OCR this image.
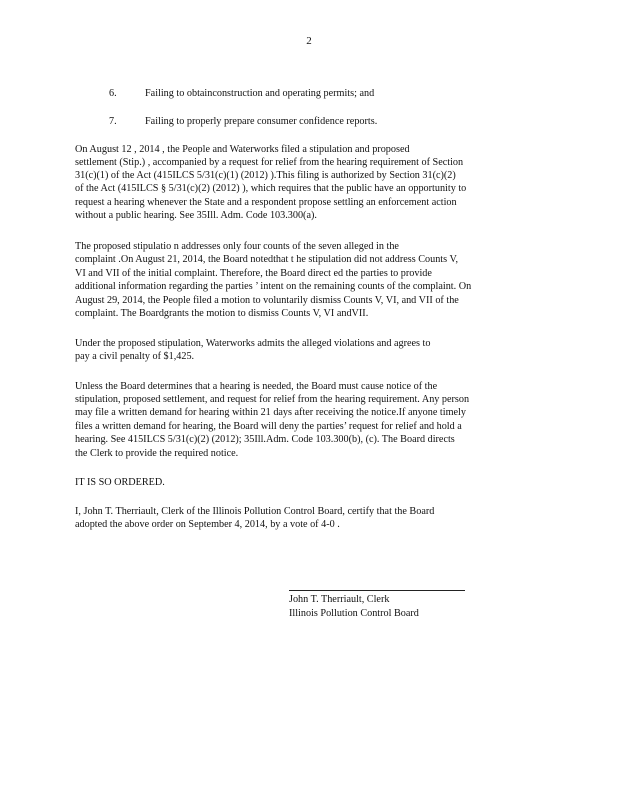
2
6.	Failing to obtainconstruction and operating permits; and
7.	Failing to properly prepare consumer confidence reports.
On August 12 , 2014 , the People and Waterworks filed a stipulation and proposed
settlement (Stip.) , accompanied by a request for relief from the hearing requirement of Section
31(c)(1) of the Act (415ILCS 5/31(c)(1) (2012) ).This filing is authorized by Section 31(c)(2)
of the Act (415ILCS § 5/31(c)(2) (2012) ), which requires that the public have an opportunity to
request a hearing whenever the State and a respondent propose settling an enforcement action
without a public hearing. See 35Ill. Adm. Code 103.300(a).
The proposed stipulatio n addresses only four counts of the seven alleged in the
complaint .On August 21, 2014, the Board notedthat t he stipulation did not address Counts V,
VI and VII of the initial complaint. Therefore, the Board direct ed the parties to provide
additional information regarding the parties ’ intent on the remaining counts of the complaint. On
August 29, 2014, the People filed a motion to voluntarily dismiss Counts V, VI, and VII of the
complaint. The Boardgrants the motion to dismiss Counts V, VI andVII.
Under the proposed stipulation, Waterworks admits the alleged violations and agrees to
pay a civil penalty of $1,425.
Unless the Board determines that a hearing is needed, the Board must cause notice of the
stipulation, proposed settlement, and request for relief from the hearing requirement. Any person
may file a written demand for hearing within 21 days after receiving the notice.If anyone timely
files a written demand for hearing, the Board will deny the parties’ request for relief and hold a
hearing. See 415ILCS 5/31(c)(2) (2012); 35Ill.Adm. Code 103.300(b), (c). The Board directs
the Clerk to provide the required notice.
IT IS SO ORDERED.
I, John T. Therriault, Clerk of the Illinois Pollution Control Board, certify that the Board
adopted the above order on September 4, 2014, by a vote of 4-0 .
John T. Therriault, Clerk
Illinois Pollution Control Board
